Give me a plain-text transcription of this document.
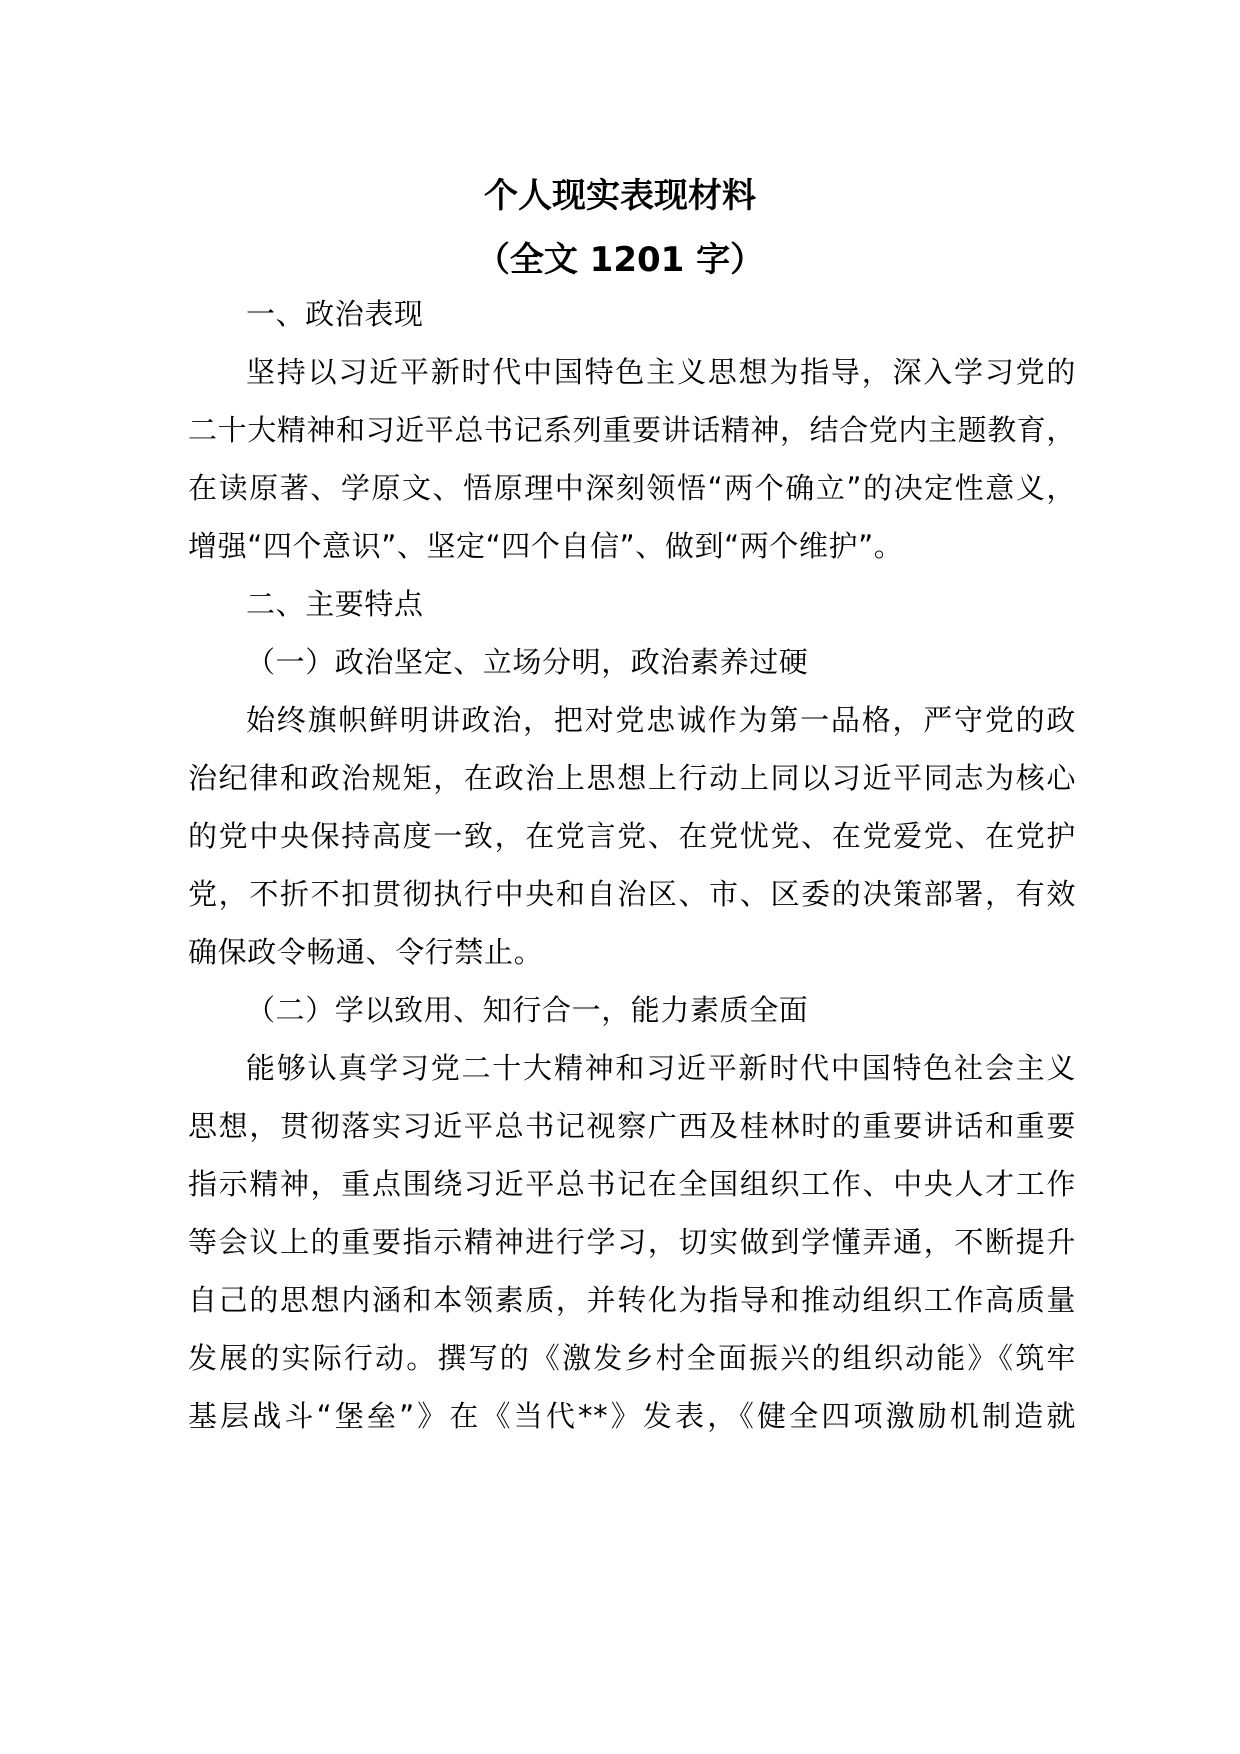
个人现实表现材料
（全文 1201 字）
一、政治表现
坚持以习近平新时代中国特色主义思想为指导，深入学习党的
二十大精神和习近平总书记系列重要讲话精神，结合党内主题教育，
在读原著、学原文、悟原理中深刻领悟“两个确立”的决定性意义，
增强“四个意识”、坚定“四个自信”、做到“两个维护”。
二、主要特点
（一）政治坚定、立场分明，政治素养过硬
始终旗帜鲜明讲政治，把对党忠诚作为第一品格，严守党的政
治纪律和政治规矩，在政治上思想上行动上同以习近平同志为核心
的党中央保持高度一致，在党言党、在党忧党、在党爱党、在党护
党，不折不扣贯彻执行中央和自治区、市、区委的决策部署，有效
确保政令畅通、令行禁止。
（二）学以致用、知行合一，能力素质全面
能够认真学习党二十大精神和习近平新时代中国特色社会主义
思想，贯彻落实习近平总书记视察广西及桂林时的重要讲话和重要
指示精神，重点围绕习近平总书记在全国组织工作、中央人才工作
等会议上的重要指示精神进行学习，切实做到学懂弄通，不断提升
自己的思想内涵和本领素质，并转化为指导和推动组织工作高质量
发展的实际行动。撰写的《激发乡村全面振兴的组织动能》《筑牢
基层战斗“堡垒”》在《当代**》发表，《健全四项激励机制造就
